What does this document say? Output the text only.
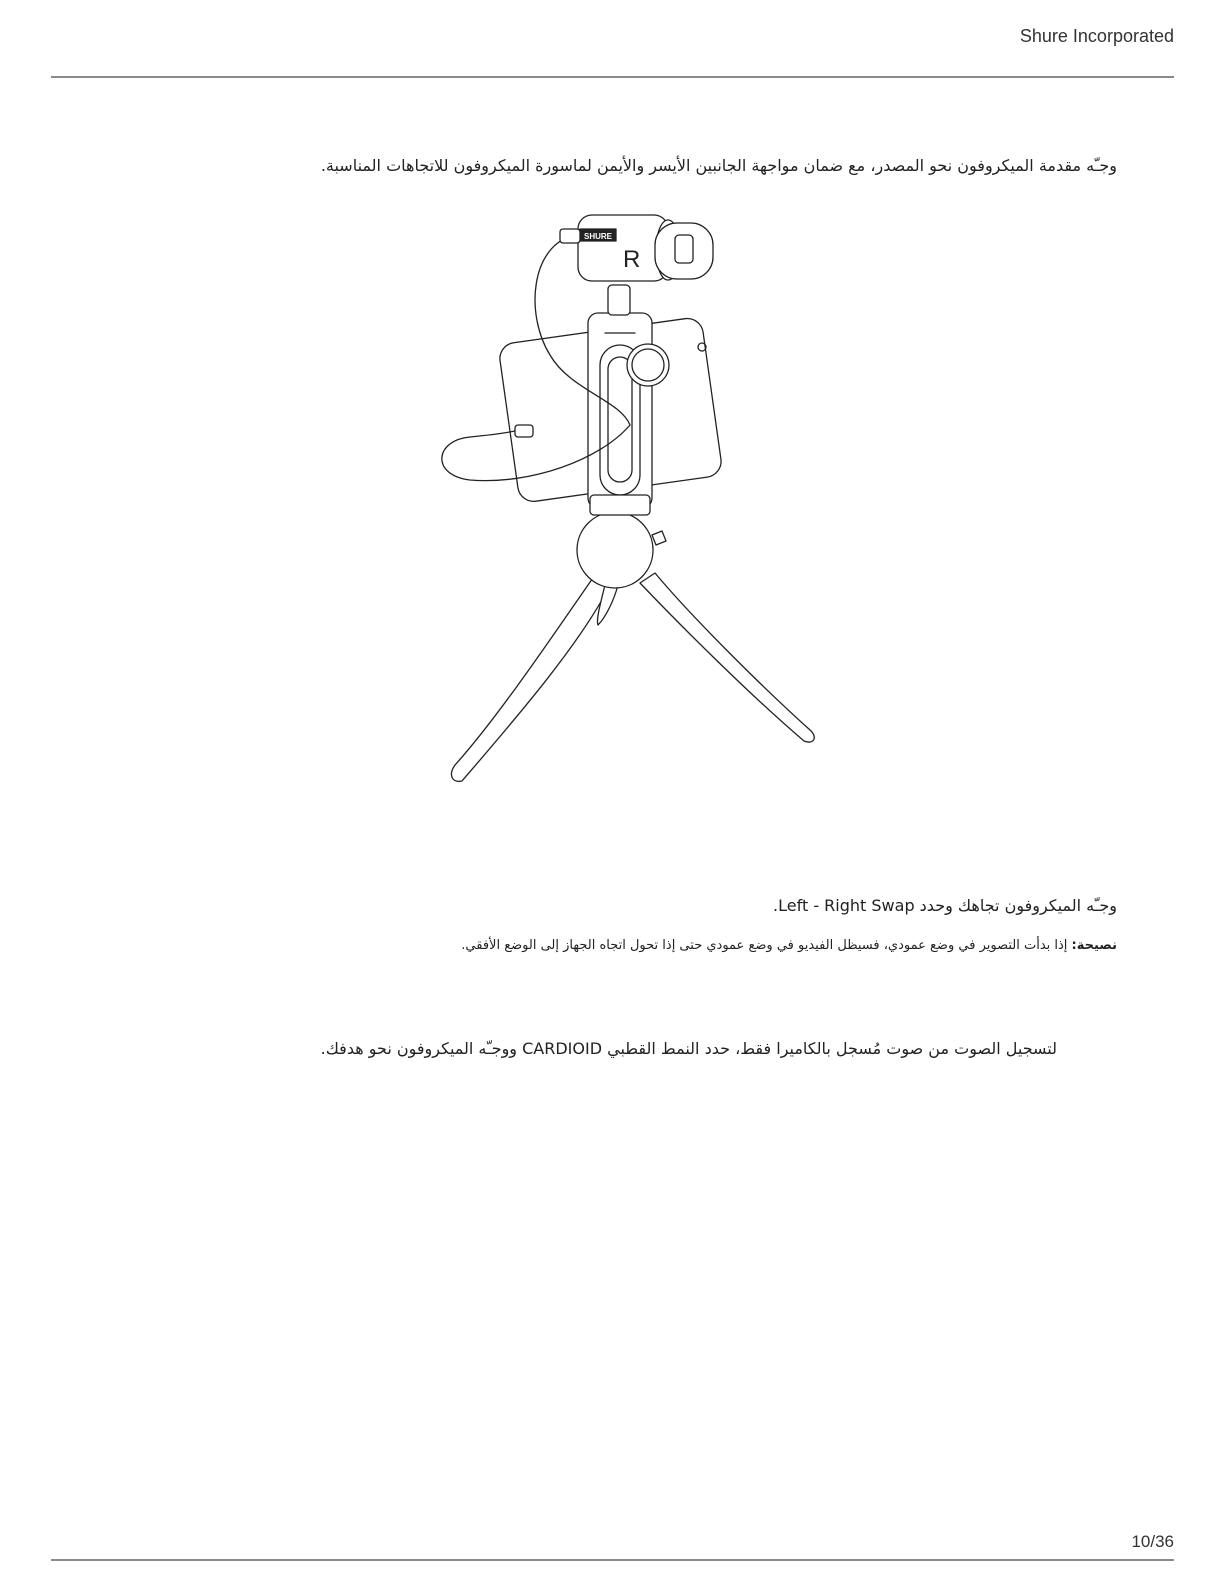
Shure Incorporated
وجـّه مقدمة الميكروفون نحو المصدر، مع ضمان مواجهة الجانبين الأيسر والأيمن لماسورة الميكروفون للاتجاهات المناسبة.
SHURE
R
وجـّه الميكروفون تجاهك وحدد Left - Right Swap.
نصيحة: إذا بدأت التصوير في وضع عمودي، فسيظل الفيديو في وضع عمودي حتى إذا تحول اتجاه الجهاز إلى الوضع الأفقي.
لتسجيل الصوت من صوت مُسجل بالكاميرا فقط، حدد النمط القطبي CARDIOID ووجـّه الميكروفون نحو هدفك.
10/36
